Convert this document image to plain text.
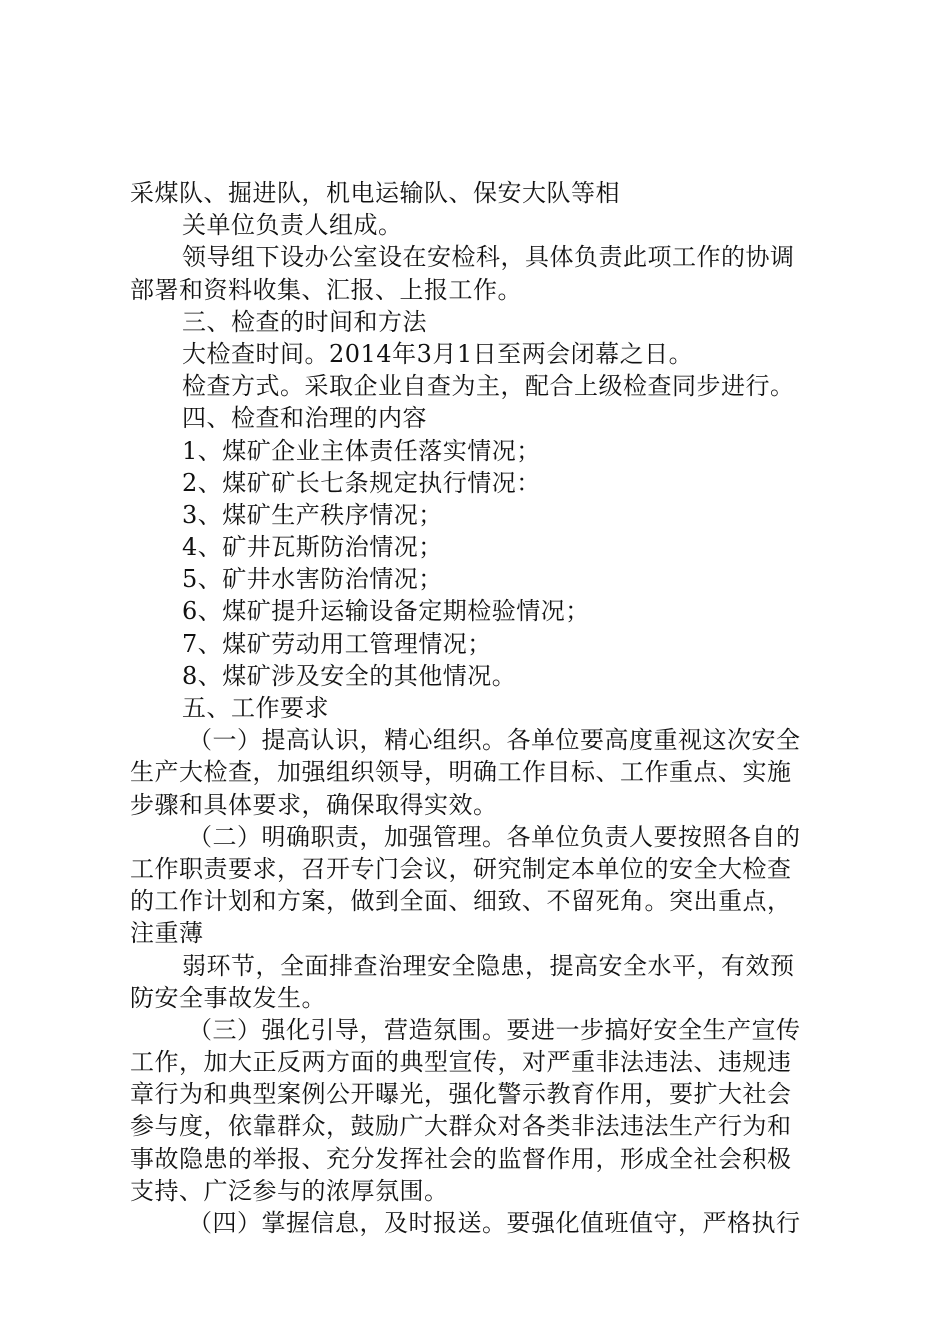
采煤队、掘进队，机电运输队、保安大队等相
关单位负责人组成。
领导组下设办公室设在安检科，具体负责此项工作的协调
部署和资料收集、汇报、上报工作。
三、检查的时间和方法
大检查时间。2014年3月1日至两会闭幕之日。
检查方式。采取企业自查为主，配合上级检查同步进行。
四、检查和治理的内容
1、煤矿企业主体责任落实情况；
2、煤矿矿长七条规定执行情况：
3、煤矿生产秩序情况；
4、矿井瓦斯防治情况；
5、矿井水害防治情况；
6、煤矿提升运输设备定期检验情况；
7、煤矿劳动用工管理情况；
8、煤矿涉及安全的其他情况。
五、工作要求
（一）提高认识，精心组织。各单位要高度重视这次安全
生产大检查，加强组织领导，明确工作目标、工作重点、实施
步骤和具体要求，确保取得实效。
（二）明确职责，加强管理。各单位负责人要按照各自的
工作职责要求，召开专门会议，研究制定本单位的安全大检查
的工作计划和方案，做到全面、细致、不留死角。突出重点，
注重薄
弱环节，全面排查治理安全隐患，提高安全水平，有效预
防安全事故发生。
（三）强化引导，营造氛围。要进一步搞好安全生产宣传
工作，加大正反两方面的典型宣传，对严重非法违法、违规违
章行为和典型案例公开曝光，强化警示教育作用，要扩大社会
参与度，依靠群众，鼓励广大群众对各类非法违法生产行为和
事故隐患的举报、充分发挥社会的监督作用，形成全社会积极
支持、广泛参与的浓厚氛围。
（四）掌握信息，及时报送。要强化值班值守，严格执行
